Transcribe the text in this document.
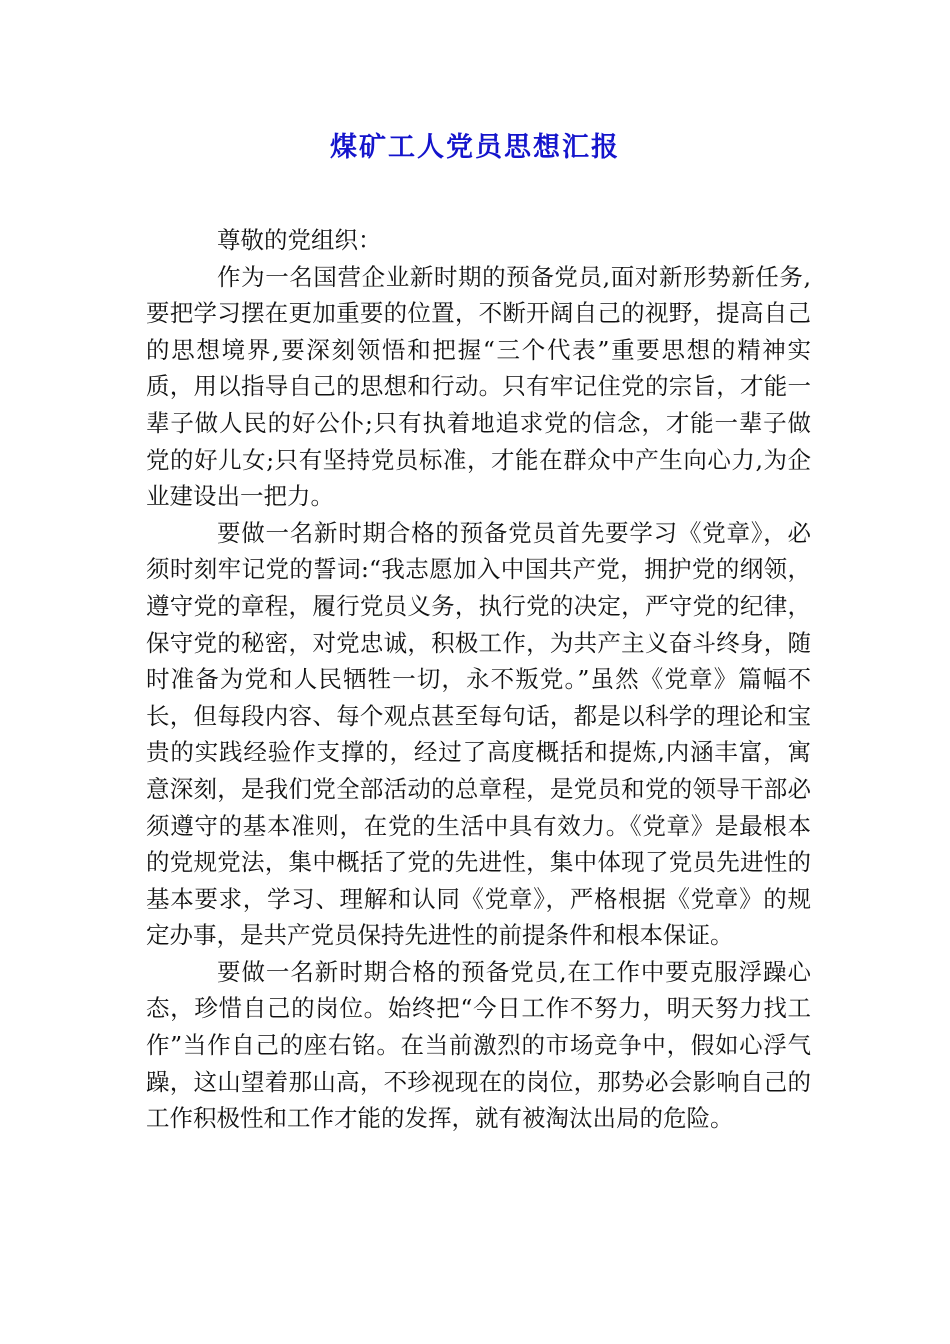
煤矿工人党员思想汇报

尊敬的党组织：

作为一名国营企业新时期的预备党员,面对新形势新任务,要把学习摆在更加重要的位置，不断开阔自己的视野，提高自己的思想境界,要深刻领悟和把握“三个代表”重要思想的精神实质，用以指导自己的思想和行动。只有牢记住党的宗旨，才能一辈子做人民的好公仆;只有执着地追求党的信念，才能一辈子做党的好儿女;只有坚持党员标准，才能在群众中产生向心力,为企业建设出一把力。

要做一名新时期合格的预备党员首先要学习《党章》，必须时刻牢记党的誓词:“我志愿加入中国共产党，拥护党的纲领，遵守党的章程，履行党员义务，执行党的决定，严守党的纪律，保守党的秘密，对党忠诚，积极工作，为共产主义奋斗终身，随时准备为党和人民牺牲一切，永不叛党。”虽然《党章》篇幅不长，但每段内容、每个观点甚至每句话，都是以科学的理论和宝贵的实践经验作支撑的，经过了高度概括和提炼,内涵丰富，寓意深刻，是我们党全部活动的总章程，是党员和党的领导干部必须遵守的基本准则，在党的生活中具有效力。《党章》是最根本的党规党法，集中概括了党的先进性，集中体现了党员先进性的基本要求，学习、理解和认同《党章》，严格根据《党章》的规定办事，是共产党员保持先进性的前提条件和根本保证。

要做一名新时期合格的预备党员,在工作中要克服浮躁心态，珍惜自己的岗位。始终把“今日工作不努力，明天努力找工作”当作自己的座右铭。在当前激烈的市场竞争中，假如心浮气躁，这山望着那山高，不珍视现在的岗位，那势必会影响自己的工作积极性和工作才能的发挥，就有被淘汰出局的危险。
